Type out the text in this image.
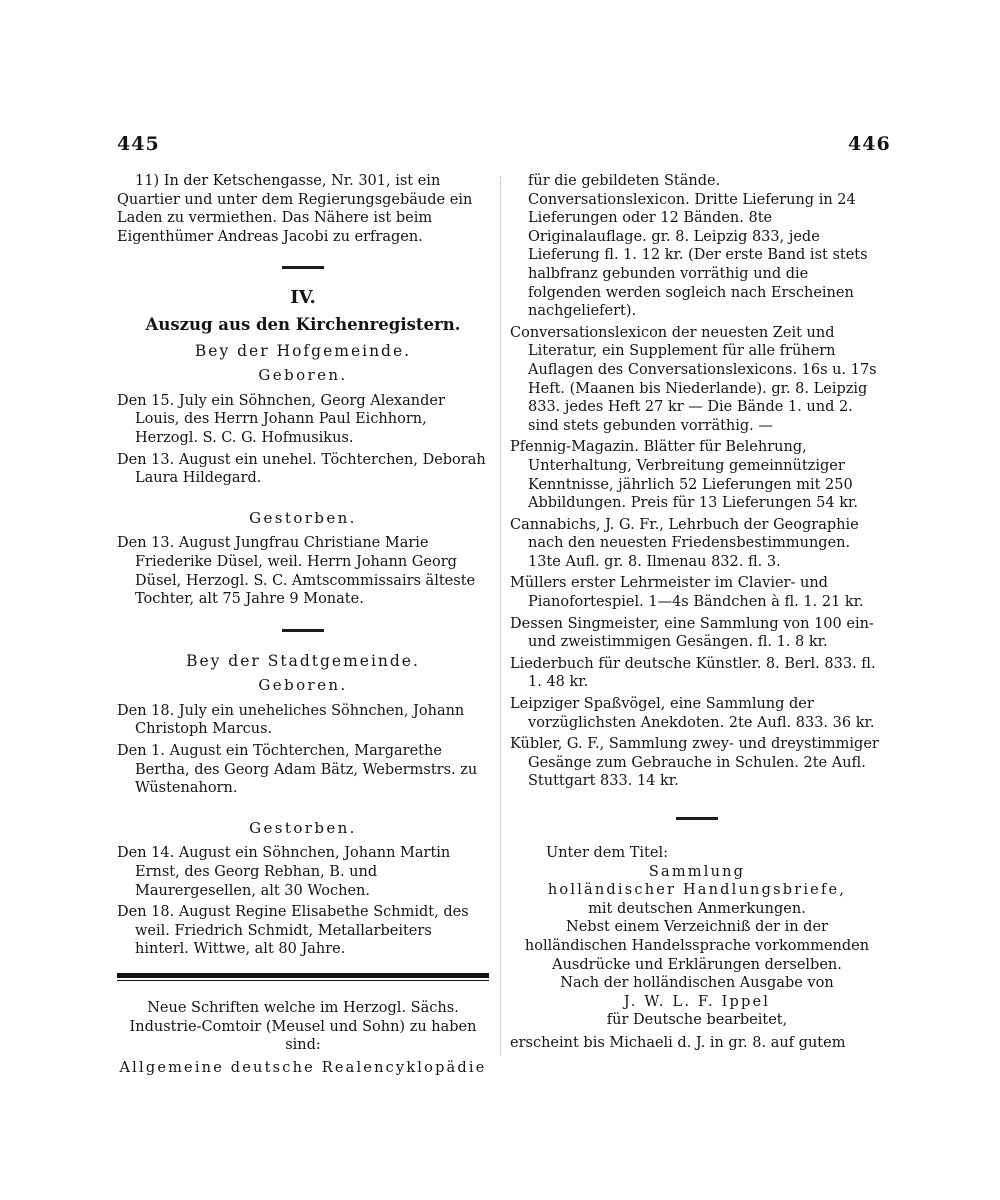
445	446

11) In der Ketschengasse, Nr. 301, ist ein Quartier und unter dem Regierungsgebäude ein Laden zu vermiethen. Das Nähere ist beim Eigenthümer Andreas Jacobi zu erfragen.

IV.

Auszug aus den Kirchenregistern.

Bey der Hofgemeinde.

Geboren.

Den 15. July ein Söhnchen, Georg Alexander Louis, des Herrn Johann Paul Eichhorn, Herzogl. S. C. G. Hofmusikus.

Den 13. August ein unehel. Töchterchen, Deborah Laura Hildegard.

Gestorben.

Den 13. August Jungfrau Christiane Marie Friederike Düsel, weil. Herrn Johann Georg Düsel, Herzogl. S. C. Amtscommissairs älteste Tochter, alt 75 Jahre 9 Monate.

Bey der Stadtgemeinde.

Geboren.

Den 18. July ein uneheliches Söhnchen, Johann Christoph Marcus.

Den 1. August ein Töchterchen, Margarethe Bertha, des Georg Adam Bätz, Webermstrs. zu Wüstenahorn.

Gestorben.

Den 14. August ein Söhnchen, Johann Martin Ernst, des Georg Rebhan, B. und Maurergesellen, alt 30 Wochen.

Den 18. August Regine Elisabethe Schmidt, des weil. Friedrich Schmidt, Metallarbeiters hinterl. Wittwe, alt 80 Jahre.

Neue Schriften welche im Herzogl. Sächs. Industrie-Comtoir (Meusel und Sohn) zu haben sind:

Allgemeine deutsche Realencyklopädie

für die gebildeten Stände. Conversationslexicon. Dritte Lieferung in 24 Lieferungen oder 12 Bänden. 8te Originalauflage. gr. 8. Leipzig 833, jede Lieferung fl. 1. 12 kr. (Der erste Band ist stets halbfranz gebunden vorräthig und die folgenden werden sogleich nach Erscheinen nachgeliefert).

Conversationslexicon der neuesten Zeit und Literatur, ein Supplement für alle frühern Auflagen des Conversationslexicons. 16s u. 17s Heft. (Maanen bis Niederlande). gr. 8. Leipzig 833. jedes Heft 27 kr — Die Bände 1. und 2. sind stets gebunden vorräthig. —

Pfennig-Magazin. Blätter für Belehrung, Unterhaltung, Verbreitung gemeinnütziger Kenntnisse, jährlich 52 Lieferungen mit 250 Abbildungen. Preis für 13 Lieferungen 54 kr.

Cannabichs, J. G. Fr., Lehrbuch der Geographie nach den neuesten Friedensbestimmungen. 13te Aufl. gr. 8. Ilmenau 832. fl. 3.

Müllers erster Lehrmeister im Clavier- und Pianofortespiel. 1—4s Bändchen à fl. 1. 21 kr.

Dessen Singmeister, eine Sammlung von 100 ein- und zweistimmigen Gesängen. fl. 1. 8 kr.

Liederbuch für deutsche Künstler. 8. Berl. 833. fl. 1. 48 kr.

Leipziger Spaßvögel, eine Sammlung der vorzüglichsten Anekdoten. 2te Aufl. 833. 36 kr.

Kübler, G. F., Sammlung zwey- und dreystimmiger Gesänge zum Gebrauche in Schulen. 2te Aufl. Stuttgart 833. 14 kr.

Unter dem Titel:

Sammlung

holländischer Handlungsbriefe,

mit deutschen Anmerkungen.

Nebst einem Verzeichniß der in der holländischen Handelssprache vorkommenden Ausdrücke und Erklärungen derselben.

Nach der holländischen Ausgabe von

J. W. L. F. Ippel

für Deutsche bearbeitet,

erscheint bis Michaeli d. J. in gr. 8. auf gutem
